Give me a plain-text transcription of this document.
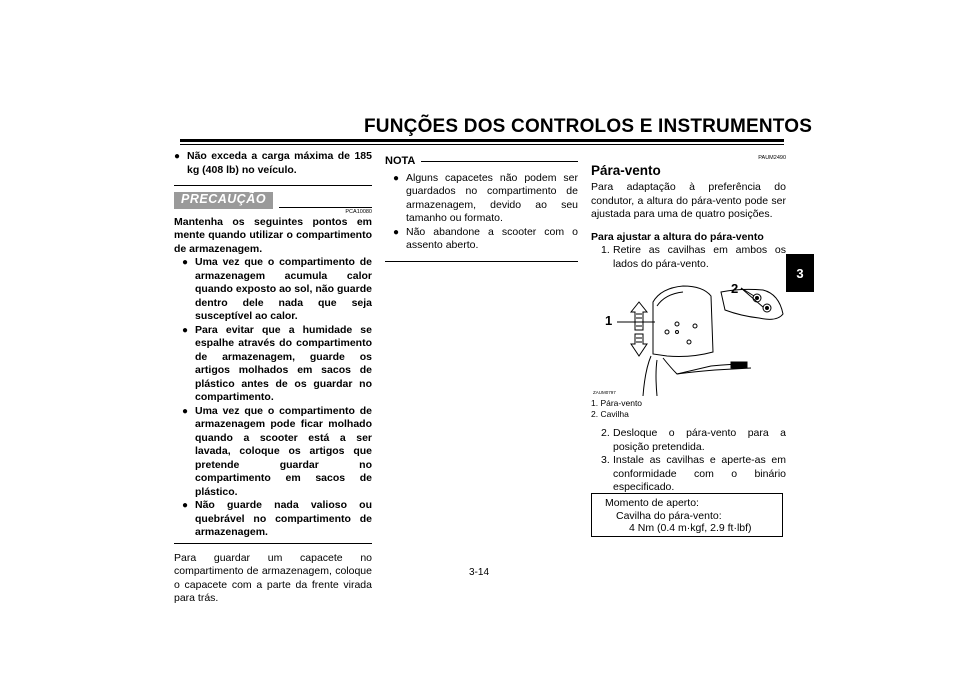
FUNÇÕES DOS CONTROLOS E INSTRUMENTOS
3
● Não exceda a carga máxima de 185 kg (408 lb) no veículo.
PRECAUÇÃO
PCA10080
Mantenha os seguintes pontos em mente quando utilizar o compartimento de armazenagem.
● Uma vez que o compartimento de armazenagem acumula calor quando exposto ao sol, não guarde dentro dele nada que seja susceptível ao calor.
● Para evitar que a humidade se espalhe através do compartimento de armazenagem, guarde os artigos molhados em sacos de plástico antes de os guardar no compartimento.
● Uma vez que o compartimento de armazenagem pode ficar molhado quando a scooter está a ser lavada, coloque os artigos que pretende guardar no compartimento em sacos de plástico.
● Não guarde nada valioso ou quebrável no compartimento de armazenagem.
Para guardar um capacete no compartimento de armazenagem, coloque o capacete com a parte da frente virada para trás.
NOTA
● Alguns capacetes não podem ser guardados no compartimento de armazenagem, devido ao seu tamanho ou formato.
● Não abandone a scooter com o assento aberto.
PAUM2490
Pára-vento
Para adaptação à preferência do condutor, a altura do pára-vento pode ser ajustada para uma de quatro posições.
Para ajustar a altura do pára-vento
1. Retire as cavilhas em ambos os lados do pára-vento.
1
2
ZAUM0797
1. Pára-vento
2. Cavilha
2. Desloque o pára-vento para a posição pretendida.
3. Instale as cavilhas e aperte-as em conformidade com o binário especificado.
Momento de aperto:
Cavilha do pára-vento:
4 Nm (0.4 m·kgf, 2.9 ft·lbf)
3-14
